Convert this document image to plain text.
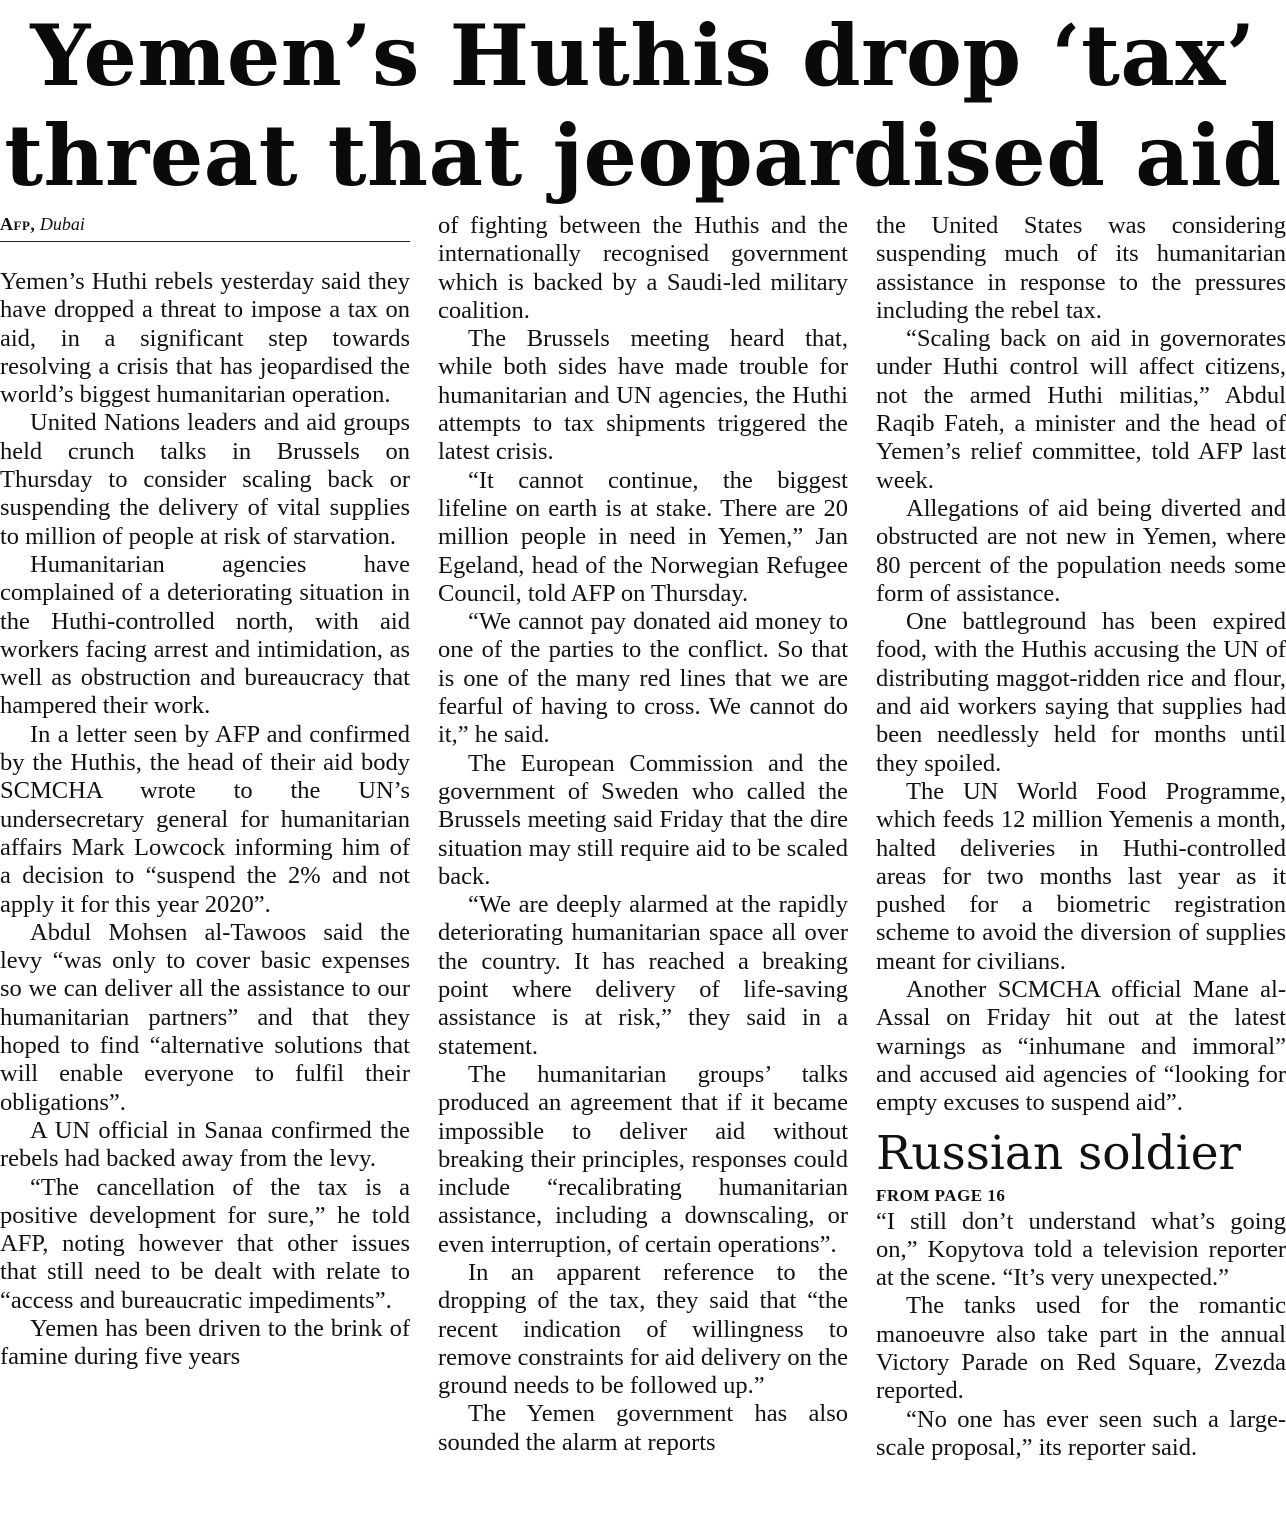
Yemen’s Huthis drop ‘tax’
threat that jeopardised aid
Afp, Dubai

Yemen’s Huthi rebels yesterday said they have dropped a threat to impose a tax on aid, in a significant step towards resolving a crisis that has jeopardised the world’s biggest humanitarian operation.

United Nations leaders and aid groups held crunch talks in Brussels on Thursday to consider scaling back or suspending the delivery of vital supplies to million of people at risk of starvation.

Humanitarian agencies have complained of a deteriorating situation in the Huthi-controlled north, with aid workers facing arrest and intimidation, as well as obstruction and bureaucracy that hampered their work.

In a letter seen by AFP and confirmed by the Huthis, the head of their aid body SCMCHA wrote to the UN’s undersecretary general for humanitarian affairs Mark Lowcock informing him of a decision to “suspend the 2% and not apply it for this year 2020”.

Abdul Mohsen al-Tawoos said the levy “was only to cover basic expenses so we can deliver all the assistance to our humanitarian partners” and that they hoped to find “alternative solutions that will enable everyone to fulfil their obligations”.

A UN official in Sanaa confirmed the rebels had backed away from the levy.

“The cancellation of the tax is a positive development for sure,” he told AFP, noting however that other issues that still need to be dealt with relate to “access and bureaucratic impediments”.

Yemen has been driven to the brink of famine during five years

of fighting between the Huthis and the internationally recognised government which is backed by a Saudi-led military coalition.

The Brussels meeting heard that, while both sides have made trouble for humanitarian and UN agencies, the Huthi attempts to tax shipments triggered the latest crisis.

“It cannot continue, the biggest lifeline on earth is at stake. There are 20 million people in need in Yemen,” Jan Egeland, head of the Norwegian Refugee Council, told AFP on Thursday.

“We cannot pay donated aid money to one of the parties to the conflict. So that is one of the many red lines that we are fearful of having to cross. We cannot do it,” he said.

The European Commission and the government of Sweden who called the Brussels meeting said Friday that the dire situation may still require aid to be scaled back.

“We are deeply alarmed at the rapidly deteriorating humanitarian space all over the country. It has reached a breaking point where delivery of life-saving assistance is at risk,” they said in a statement.

The humanitarian groups’ talks produced an agreement that if it became impossible to deliver aid without breaking their principles, responses could include “recalibrating humanitarian assistance, including a downscaling, or even interruption, of certain operations”.

In an apparent reference to the dropping of the tax, they said that “the recent indication of willingness to remove constraints for aid delivery on the ground needs to be followed up.”

The Yemen government has also sounded the alarm at reports

the United States was considering suspending much of its humanitarian assistance in response to the pressures including the rebel tax.

“Scaling back on aid in governorates under Huthi control will affect citizens, not the armed Huthi militias,” Abdul Raqib Fateh, a minister and the head of Yemen’s relief committee, told AFP last week.

Allegations of aid being diverted and obstructed are not new in Yemen, where 80 percent of the population needs some form of assistance.

One battleground has been expired food, with the Huthis accusing the UN of distributing maggot-ridden rice and flour, and aid workers saying that supplies had been needlessly held for months until they spoiled.

The UN World Food Programme, which feeds 12 million Yemenis a month, halted deliveries in Huthi-controlled areas for two months last year as it pushed for a biometric registration scheme to avoid the diversion of supplies meant for civilians.

Another SCMCHA official Mane al-Assal on Friday hit out at the latest warnings as “inhumane and immoral” and accused aid agencies of “looking for empty excuses to suspend aid”.

Russian soldier
FROM PAGE 16

“I still don’t understand what’s going on,” Kopytova told a television reporter at the scene. “It’s very unexpected.”

The tanks used for the romantic manoeuvre also take part in the annual Victory Parade on Red Square, Zvezda reported.

“No one has ever seen such a large-scale proposal,” its reporter said.
